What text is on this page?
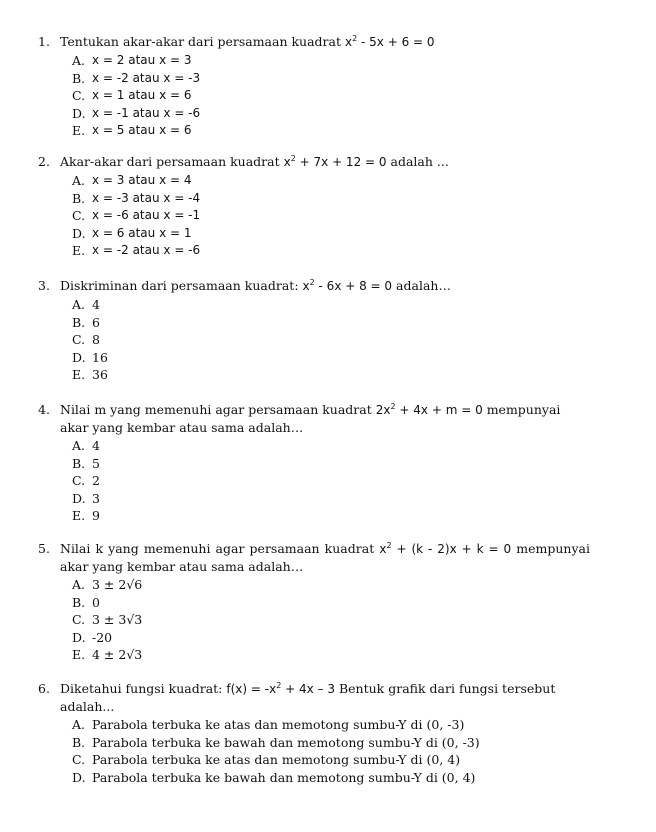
1. Tentukan akar-akar dari persamaan kuadrat $x^2 - 5x + 6 = 0$
A. x = 2 atau x = 3
B. x = -2 atau x = -3
C. x = 1 atau x = 6
D. x = -1 atau x = -6
E. x = 5 atau x = 6
2. Akar-akar dari persamaan kuadrat $x^2 + 7x + 12 = 0$ adalah ...
A. x = 3 atau x = 4
B. x = -3 atau x = -4
C. x = -6 atau x = -1
D. x = 6 atau x = 1
E. x = -2 atau x = -6
3. Diskriminan dari persamaan kuadrat: $x^2 - 6x + 8 = 0$ adalah…
A. 4
B. 6
C. 8
D. 16
E. 36
4. Nilai m yang memenuhi agar persamaan kuadrat $2x^2 + 4x + m = 0$ mempunyai akar yang kembar atau sama adalah…
A. 4
B. 5
C. 2
D. 3
E. 9
5. Nilai k yang memenuhi agar persamaan kuadrat $x^2 + (k - 2)x + k = 0$ mempunyai akar yang kembar atau sama adalah…
A. 3 ± 2√6
B. 0
C. 3 ± 3√3
D. -20
E. 4 ± 2√3
6. Diketahui fungsi kuadrat: $f(x) = -x^2 + 4x - 3$ Bentuk grafik dari fungsi tersebut adalah...
A. Parabola terbuka ke atas dan memotong sumbu-Y di (0, -3)
B. Parabola terbuka ke bawah dan memotong sumbu-Y di (0, -3)
C. Parabola terbuka ke atas dan memotong sumbu-Y di (0, 4)
D. Parabola terbuka ke bawah dan memotong sumbu-Y di (0, 4)
